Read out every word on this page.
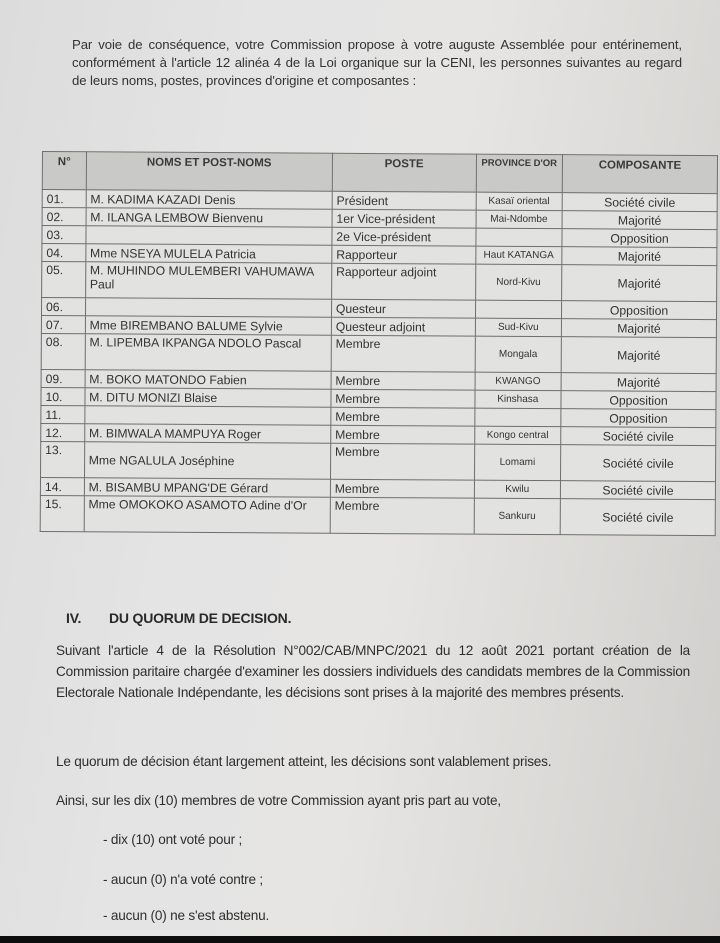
Par voie de conséquence, votre Commission propose à votre auguste Assemblée pour entérinement, conformément à l'article 12 alinéa 4 de la Loi organique sur la CENI, les personnes suivantes au regard de leurs noms, postes, provinces d'origine et composantes :

N°	NOMS ET POST-NOMS	POSTE	PROVINCE D'OR	COMPOSANTE
01.	M. KADIMA KAZADI Denis	Président	Kasaï oriental	Société civile
02.	M. ILANGA LEMBOW Bienvenu	1er Vice-président	Mai-Ndombe	Majorité
03.		2e Vice-président		Opposition
04.	Mme NSEYA MULELA Patricia	Rapporteur	Haut KATANGA	Majorité
05.	M. MUHINDO MULEMBERI VAHUMAWA Paul	Rapporteur adjoint	Nord-Kivu	Majorité
06.		Questeur		Opposition
07.	Mme BIREMBANO BALUME Sylvie	Questeur adjoint	Sud-Kivu	Majorité
08.	M. LIPEMBA IKPANGA NDOLO Pascal	Membre	Mongala	Majorité
09.	M. BOKO MATONDO Fabien	Membre	KWANGO	Majorité
10.	M. DITU MONIZI Blaise	Membre	Kinshasa	Opposition
11.		Membre		Opposition
12.	M. BIMWALA MAMPUYA Roger	Membre	Kongo central	Société civile
13.	Mme NGALULA Joséphine	Membre	Lomami	Société civile
14.	M. BISAMBU MPANG'DE Gérard	Membre	Kwilu	Société civile
15.	Mme OMOKOKO ASAMOTO Adine d'Or	Membre	Sankuru	Société civile
IV. DU QUORUM DE DECISION.

Suivant l'article 4 de la Résolution N°002/CAB/MNPC/2021 du 12 août 2021 portant création de la Commission paritaire chargée d'examiner les dossiers individuels des candidats membres de la Commission Electorale Nationale Indépendante, les décisions sont prises à la majorité des membres présents.

Le quorum de décision étant largement atteint, les décisions sont valablement prises.

Ainsi, sur les dix (10) membres de votre Commission ayant pris part au vote,

- dix (10) ont voté pour ;
- aucun (0) n'a voté contre ;
- aucun (0) ne s'est abstenu.
